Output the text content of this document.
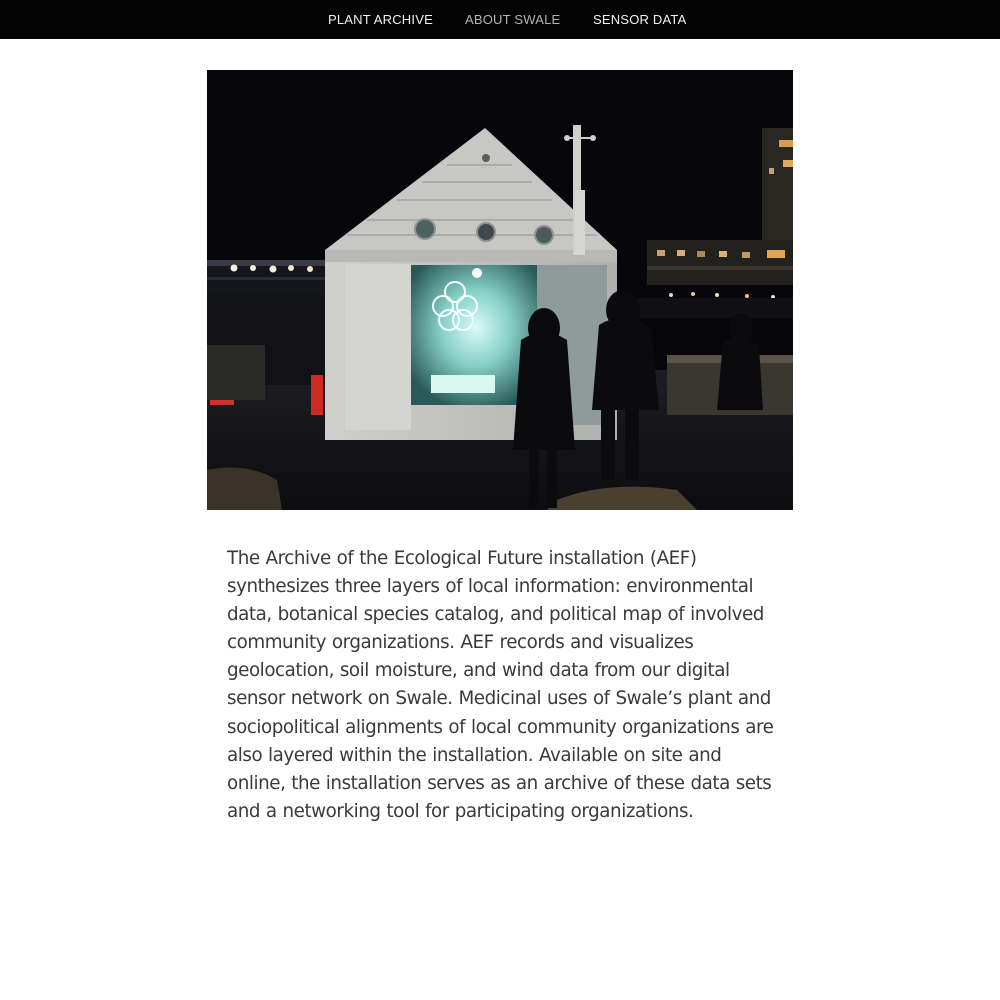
PLANT ARCHIVE ABOUT SWALE	SENSOR DATA

The Archive of the Ecological Future installation (AEF) synthesizes three layers of local information: environmental data, botanical species catalog, and political map of involved community organizations. AEF records and visualizes geolocation, soil moisture, and wind data from our digital sensor network on Swale. Medicinal uses of Swale’s plant and sociopolitical alignments of local community organizations are also layered within the installation. Available on site and online, the installation serves as an archive of these data sets and a networking tool for participating organizations.
